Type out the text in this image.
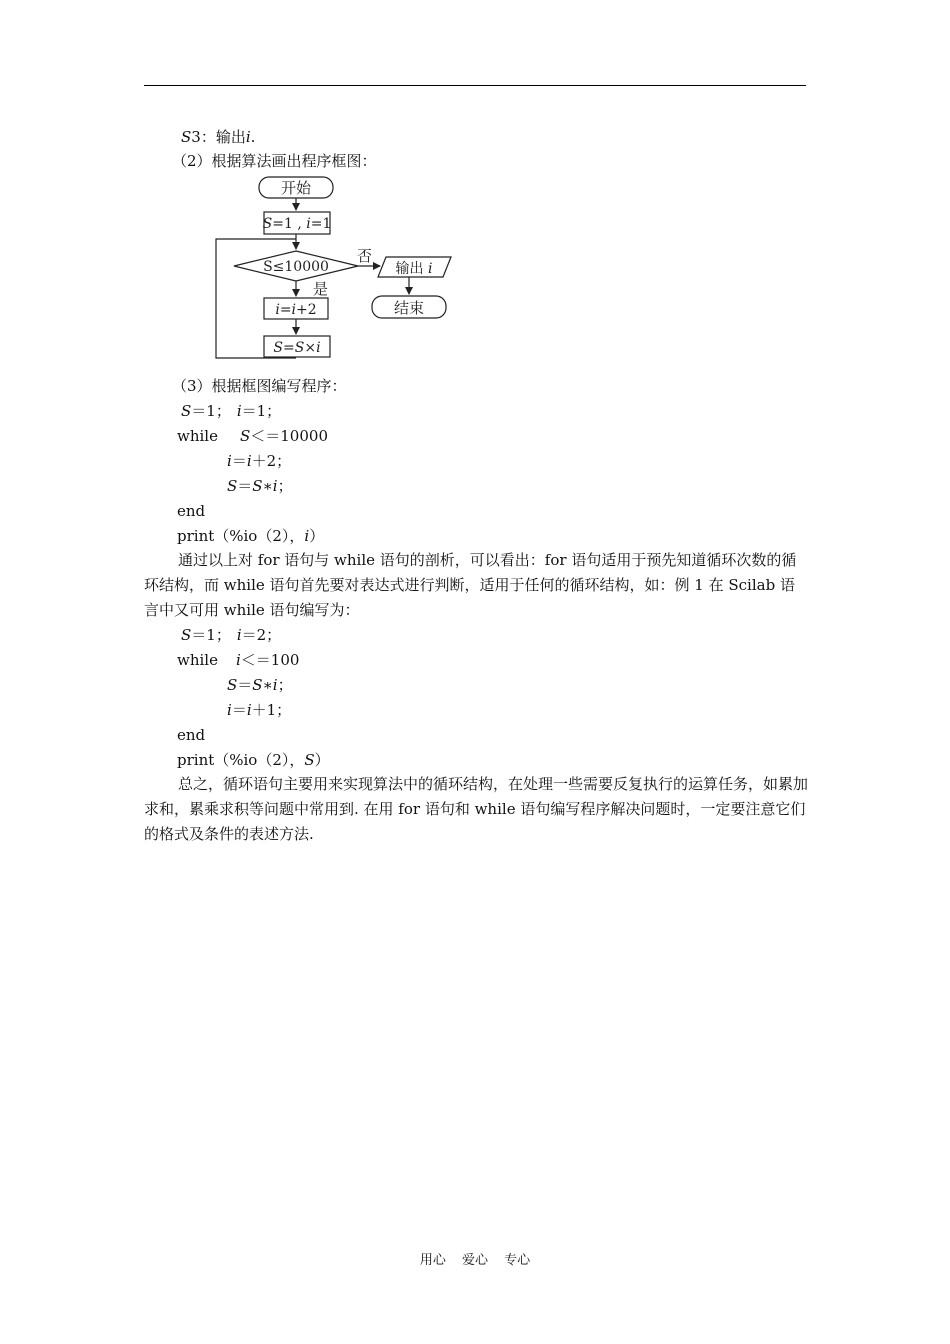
S3：输出i.
（2）根据算法画出程序框图：
开始
S=1 , i=1
S≤10000
否
输出 i
结束
是
i=i+2
S=S×i
（3）根据框图编写程序：
S＝1； i＝1；
while S＜＝10000
i＝i＋2；
S＝S∗i；
end
print（%io（2），i）
通过以上对 for 语句与 while 语句的剖析，可以看出：for 语句适用于预先知道循环次数的循环结构，而 while 语句首先要对表达式进行判断，适用于任何的循环结构，如：例 1 在 Scilab 语言中又可用 while 语句编写为：
S＝1； i＝2；
while i＜＝100
S＝S∗i；
i＝i＋1；
end
print（%io（2），S）
总之，循环语句主要用来实现算法中的循环结构，在处理一些需要反复执行的运算任务，如累加求和，累乘求积等问题中常用到. 在用 for 语句和 while 语句编写程序解决问题时，一定要注意它们的格式及条件的表述方法.
用心 爱心 专心
